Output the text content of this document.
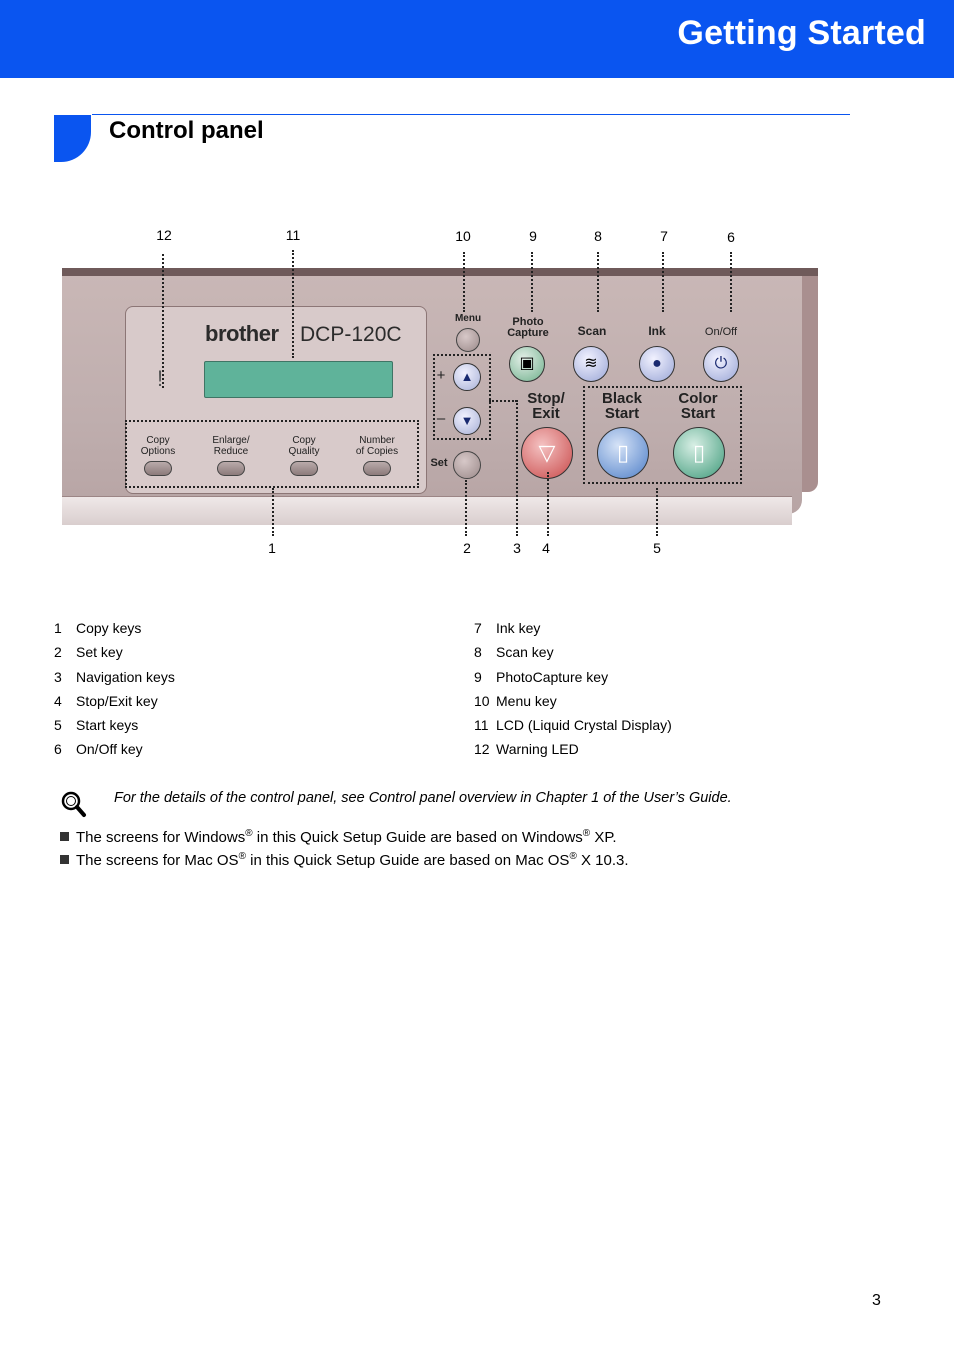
Getting Started
Control panel
12	11	10	9	8	7	6
1	2	3	4	5
brother DCP-120C
!
Copy
Options
Enlarge/
Reduce
Copy
Quality
Number
of Copies
Menu
+	▲
–	▼
Set
Photo
Capture
▣
Scan
≋
Ink
●
On/Off
⏻
Stop/
Exit
▽
Black
Start
▯
Color
Start
▯
1 Copy keys
2 Set key
3 Navigation keys
4 Stop/Exit key
5 Start keys
6 On/Off key
7 Ink key
8 Scan key
9 PhotoCapture key
10 Menu key
11 LCD (Liquid Crystal Display)
12 Warning LED
For the details of the control panel, see Control panel overview in Chapter 1 of the User’s Guide.
The screens for Windows® in this Quick Setup Guide are based on Windows® XP.
The screens for Mac OS® in this Quick Setup Guide are based on Mac OS® X 10.3.
3
